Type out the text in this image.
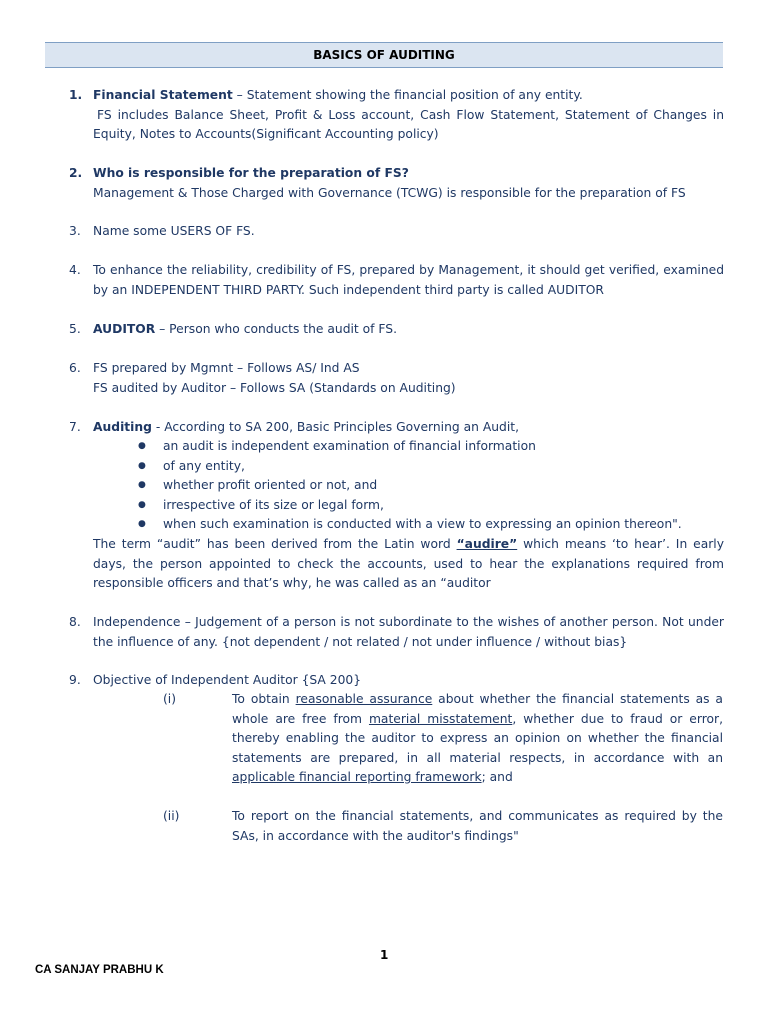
BASICS OF AUDITING
1. Financial Statement – Statement showing the financial position of any entity.
FS includes Balance Sheet, Profit & Loss account, Cash Flow Statement, Statement of Changes in Equity, Notes to Accounts(Significant Accounting policy)
2. Who is responsible for the preparation of FS?
Management & Those Charged with Governance (TCWG) is responsible for the preparation of FS
3. Name some USERS OF FS.
4. To enhance the reliability, credibility of FS, prepared by Management, it should get verified, examined by an INDEPENDENT THIRD PARTY. Such independent third party is called AUDITOR
5. AUDITOR – Person who conducts the audit of FS.
6. FS prepared by Mgmnt – Follows AS/ Ind AS
FS audited by Auditor – Follows SA (Standards on Auditing)
7. Auditing - According to SA 200, Basic Principles Governing an Audit,
● an audit is independent examination of financial information
● of any entity,
● whether profit oriented or not, and
● irrespective of its size or legal form,
● when such examination is conducted with a view to expressing an opinion thereon".
The term “audit” has been derived from the Latin word “audire” which means ‘to hear’. In early days, the person appointed to check the accounts, used to hear the explanations required from responsible officers and that’s why, he was called as an “auditor
8. Independence – Judgement of a person is not subordinate to the wishes of another person. Not under the influence of any. {not dependent / not related / not under influence / without bias}
9. Objective of Independent Auditor {SA 200}
(i)	To obtain reasonable assurance about whether the financial statements as a whole are free from material misstatement, whether due to fraud or error, thereby enabling the auditor to express an opinion on whether the financial statements are prepared, in all material respects, in accordance with an applicable financial reporting framework; and
(ii)	To report on the financial statements, and communicates as required by the SAs, in accordance with the auditor's findings"
1
CA SANJAY PRABHU K
